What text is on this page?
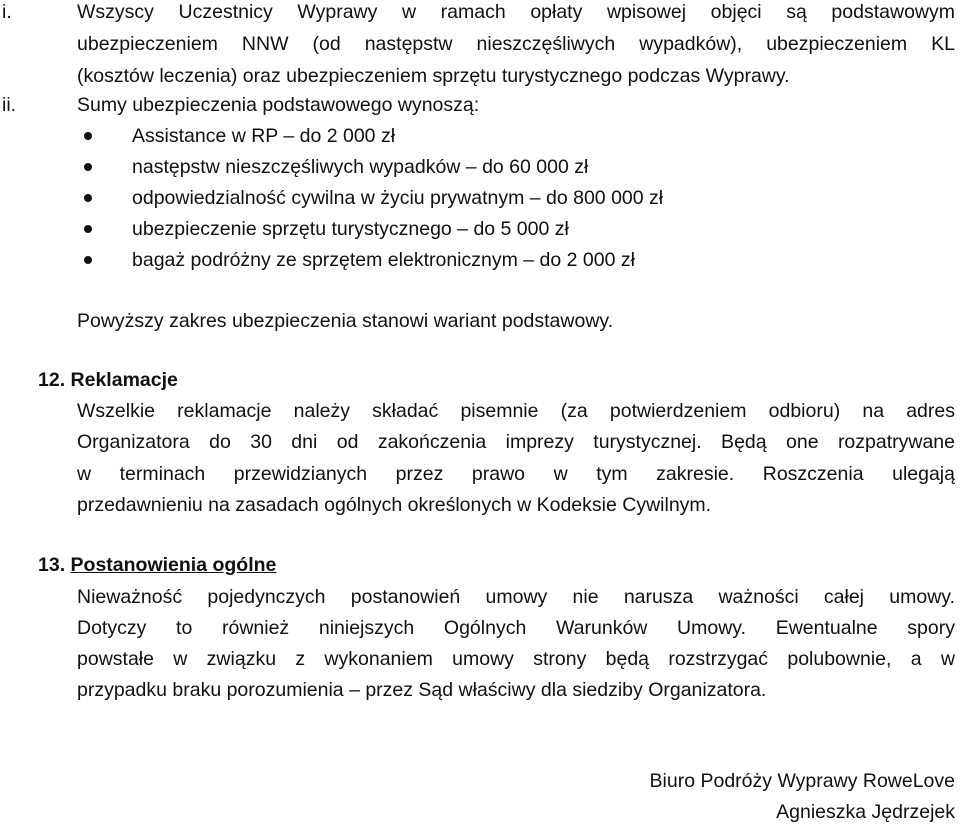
i.	Wszyscy Uczestnicy Wyprawy w ramach opłaty wpisowej objęci są podstawowym
ubezpieczeniem NNW (od następstw nieszczęśliwych wypadków), ubezpieczeniem KL
(kosztów leczenia) oraz ubezpieczeniem sprzętu turystycznego podczas Wyprawy.
ii.	Sumy ubezpieczenia podstawowego wynoszą:
Assistance w RP – do 2 000 zł
następstw nieszczęśliwych wypadków – do 60 000 zł
odpowiedzialność cywilna w życiu prywatnym – do 800 000 zł
ubezpieczenie sprzętu turystycznego – do 5 000 zł
bagaż podróżny ze sprzętem elektronicznym – do 2 000 zł
Powyższy zakres ubezpieczenia stanowi wariant podstawowy.
12. Reklamacje
Wszelkie reklamacje należy składać pisemnie (za potwierdzeniem odbioru) na adres
Organizatora do 30 dni od zakończenia imprezy turystycznej. Będą one rozpatrywane
w terminach przewidzianych przez prawo w tym zakresie. Roszczenia ulegają
przedawnieniu na zasadach ogólnych określonych w Kodeksie Cywilnym.
13. Postanowienia ogólne
Nieważność pojedynczych postanowień umowy nie narusza ważności całej umowy.
Dotyczy to również niniejszych Ogólnych Warunków Umowy. Ewentualne spory
powstałe w związku z wykonaniem umowy strony będą rozstrzygać polubownie, a w
przypadku braku porozumienia – przez Sąd właściwy dla siedziby Organizatora.
Biuro Podróży Wyprawy RoweLove
Agnieszka Jędrzejek
